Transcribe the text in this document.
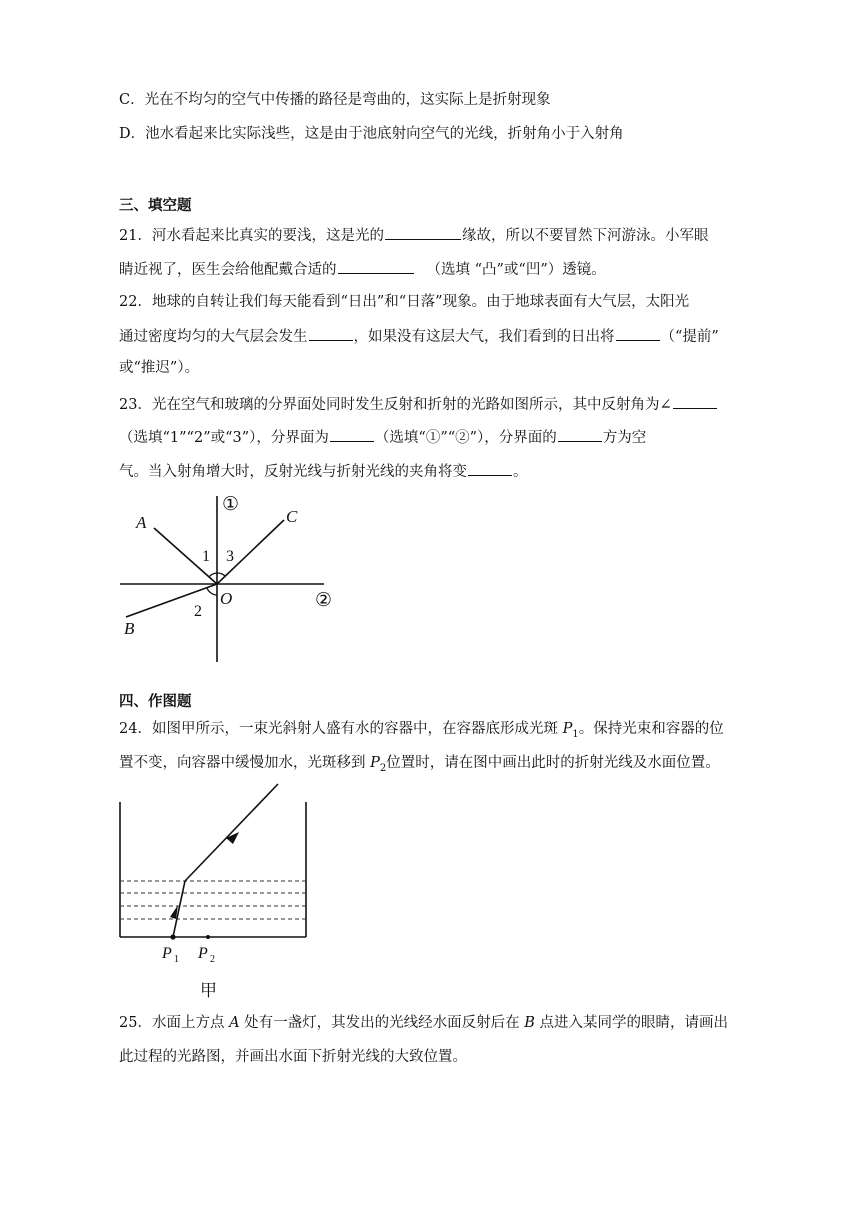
C．光在不均匀的空气中传播的路径是弯曲的，这实际上是折射现象
D．池水看起来比实际浅些，这是由于池底射向空气的光线，折射角小于入射角
三、填空题
21．河水看起来比真实的要浅，这是光的	缘故，所以不要冒然下河游泳。小军眼
睛近视了，医生会给他配戴合适的	（选填 “凸”或“凹”）透镜。
22．地球的自转让我们每天能看到“日出”和“日落”现象。由于地球表面有大气层，太阳光
通过密度均匀的大气层会发生	，如果没有这层大气，我们看到的日出将	（“提前”
或“推迟”）。
23．光在空气和玻璃的分界面处同时发生反射和折射的光路如图所示，其中反射角为∠
（选填“1”“2”或“3”），分界面为	（选填“①”“②”），分界面的	方为空
气。当入射角增大时，反射光线与折射光线的夹角将变	。
A	C
B
O
1 3
2
①
②
四、作图题
24．如图甲所示，一束光斜射人盛有水的容器中，在容器底形成光斑 $P_1$。保持光束和容器的位
置不变，向容器中缓慢加水，光斑移到 $P_2$位置时，请在图中画出此时的折射光线及水面位置。
P 1 P 2
甲
25．水面上方点 A 处有一盏灯，其发出的光线经水面反射后在 B 点进入某同学的眼睛，请画出
此过程的光路图，并画出水面下折射光线的大致位置。
